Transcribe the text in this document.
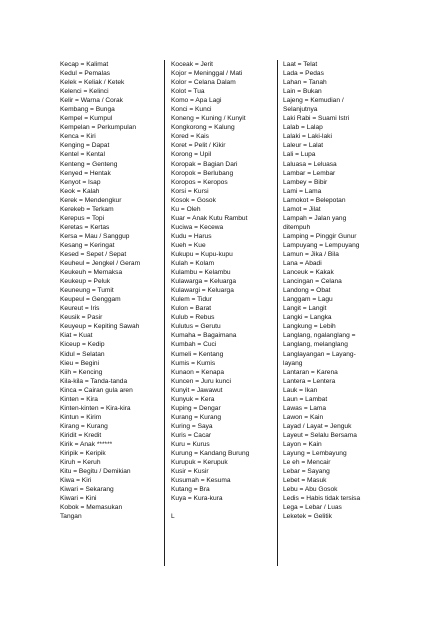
Kecap = Kalimat
Kedul = Pemalas
Kelek = Keliak / Ketek
Kelenci = Kelinci
Kelir = Warna / Corak
Kembang = Bunga
Kempel = Kumpul
Kempelan = Perkumpulan
Kenca = Kiri
Kenging = Dapat
Kentel = Kental
Kenteng = Genteng
Kenyed = Hentak
Kenyot = Isap
Keok = Kalah
Kerek = Mendengkur
Kerekeb = Terkam
Kerepus = Topi
Keretas = Kertas
Kersa = Mau / Sanggup
Kesang = Keringat
Kesed = Sepet / Sepat
Keuheul = Jengkel / Geram
Keukeuh = Memaksa
Keukeup = Peluk
Keuneung = Tumit
Keupeul = Genggam
Keureut = Iris
Keusik = Pasir
Keuyeup = Kepiting Sawah
Kiat = Kuat
Kiceup = Kedip
Kidul = Selatan
Kieu = Begini
Kiih = Kencing
Kila-kila = Tanda-tanda
Kinca = Cairan gula aren
Kinten = Kira
Kinten-kinten = Kira-kira
Kintun = Kirim
Kirang = Kurang
Kiridit = Kredit
Kirik = Anak ******
Kiripik = Keripik
Kiruh = Keruh
Kitu = Begitu / Demikian
Kiwa = Kiri
Kiwari = Sekarang
Kiwari = Kini
Kobok = Memasukan
Tangan
Koceak = Jerit
Kojor = Meninggal / Mati
Kolor = Celana Dalam
Kolot = Tua
Komo = Apa Lagi
Konci = Kunci
Koneng = Kuning / Kunyit
Kongkorong = Kalung
Kored = Kais
Koret = Pelit / Kikir
Korong = Upil
Koropak = Bagian Dari
Koropok = Berlubang
Koropos = Keropos
Korsi = Kursi
Kosok = Gosok
Ku = Oleh
Kuar = Anak Kutu Rambut
Kuciwa = Kecewa
Kudu = Harus
Kueh = Kue
Kukupu = Kupu-kupu
Kulah = Kolam
Kulambu = Kelambu
Kulawarga = Keluarga
Kulawargi = Keluarga
Kulem = Tidur
Kulon = Barat
Kulub = Rebus
Kulutus = Gerutu
Kumaha = Bagaimana
Kumbah = Cuci
Kumeli = Kentang
Kumis = Kumis
Kunaon = Kenapa
Kuncen = Juru kunci
Kunyit = Jawawut
Kunyuk = Kera
Kuping = Dengar
Kurang = Kurang
Kuring = Saya
Kuris = Cacar
Kuru = Kurus
Kurung = Kandang Burung
Kurupuk = Kerupuk
Kusir = Kusir
Kusumah = Kesuma
Kutang = Bra
Kuya = Kura-kura
L
Laat = Telat
Lada = Pedas
Lahan = Tanah
Lain = Bukan
Lajeng = Kemudian /
Selanjutnya
Laki Rabi = Suami Istri
Lalab = Lalap
Lalaki = Laki-laki
Laleur = Lalat
Lali = Lupa
Laluasa = Leluasa
Lambar = Lembar
Lambey = Bibir
Lami = Lama
Lamokot = Belepotan
Lamot = Jilat
Lampah = Jalan yang
ditempuh
Lamping = Pinggir Gunur
Lampuyang = Lempuyang
Lamun = Jika / Bila
Lana = Abadi
Lanceuk = Kakak
Lancingan = Celana
Landong = Obat
Langgam = Lagu
Langit = Langit
Langki = Langka
Langkung = Lebih
Langlang, ngalanglang =
Langlang, melanglang
Langlayangan = Layang-
layang
Lantaran = Karena
Lantera = Lentera
Lauk = Ikan
Laun = Lambat
Lawas = Lama
Lawon = Kain
Layad / Layat = Jenguk
Layeut = Selalu Bersama
Layon = Kain
Layung = Lembayung
Le eh = Mencair
Lebar = Sayang
Lebet = Masuk
Lebu = Abu Gosok
Ledis = Habis tidak tersisa
Lega = Lebar / Luas
Leketek = Gelitik
